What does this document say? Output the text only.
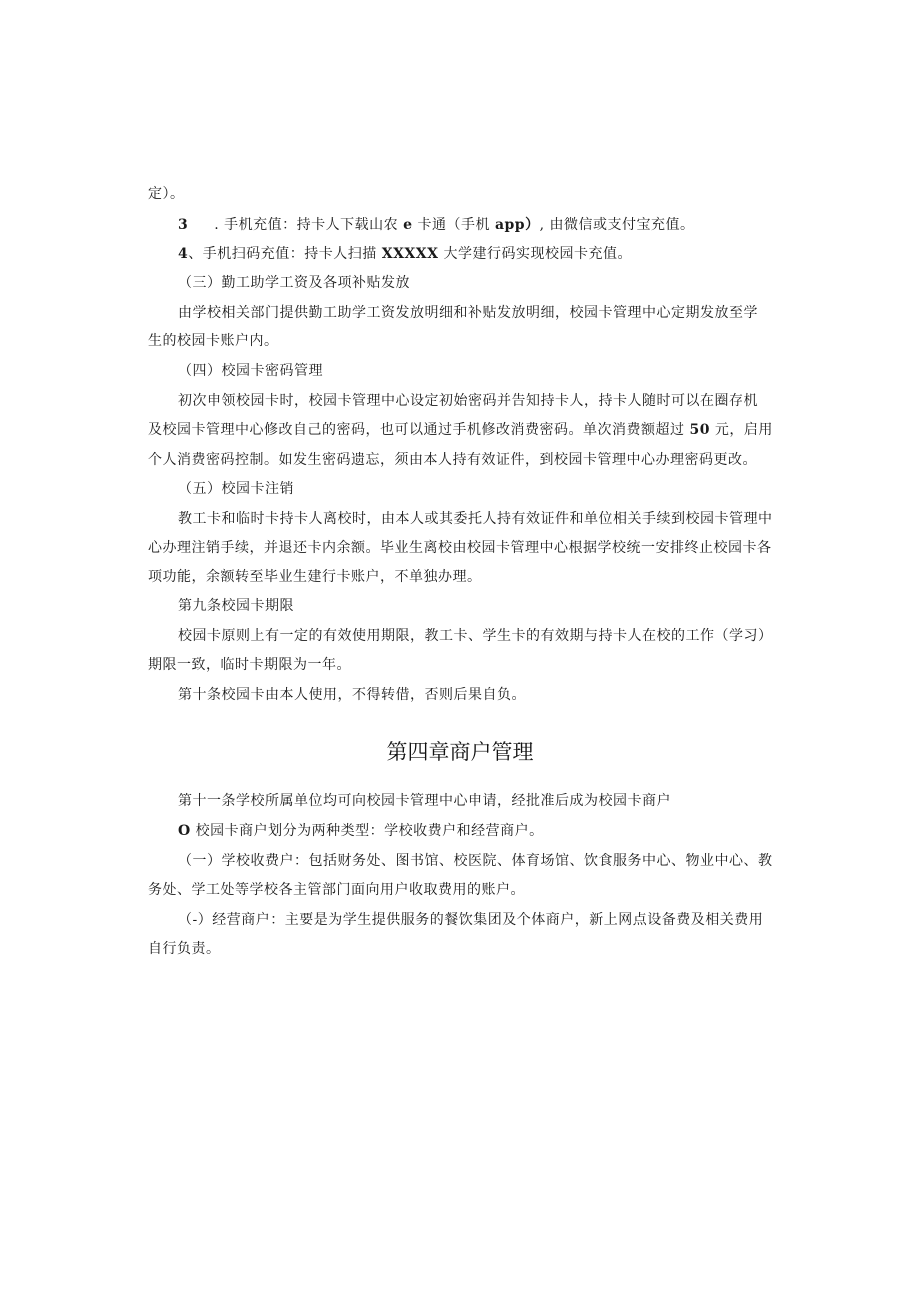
定）。
3 . 手机充值：持卡人下载山农 e 卡通（手机 app）, 由微信或支付宝充值。
4、手机扫码充值：持卡人扫描 XXXXX 大学建行码实现校园卡充值。
（三）勤工助学工资及各项补贴发放
由学校相关部门提供勤工助学工资发放明细和补贴发放明细，校园卡管理中心定期发放至学
生的校园卡账户内。
（四）校园卡密码管理
初次申领校园卡时，校园卡管理中心设定初始密码并告知持卡人，持卡人随时可以在圈存机
及校园卡管理中心修改自己的密码，也可以通过手机修改消费密码。单次消费额超过 50 元，启用
个人消费密码控制。如发生密码遗忘，须由本人持有效证件，到校园卡管理中心办理密码更改。
（五）校园卡注销
教工卡和临时卡持卡人离校时，由本人或其委托人持有效证件和单位相关手续到校园卡管理中
心办理注销手续，并退还卡内余额。毕业生离校由校园卡管理中心根据学校统一安排终止校园卡各
项功能，余额转至毕业生建行卡账户，不单独办理。
第九条校园卡期限
校园卡原则上有一定的有效使用期限，教工卡、学生卡的有效期与持卡人在校的工作（学习）
期限一致，临时卡期限为一年。
第十条校园卡由本人使用，不得转借，否则后果自负。
第四章商户管理
第十一条学校所属单位均可向校园卡管理中心申请，经批准后成为校园卡商户
O 校园卡商户划分为两种类型：学校收费户和经营商户。
（一）学校收费户：包括财务处、图书馆、校医院、体育场馆、饮食服务中心、物业中心、教
务处、学工处等学校各主管部门面向用户收取费用的账户。
（-）经营商户：主要是为学生提供服务的餐饮集团及个体商户，新上网点设备费及相关费用
自行负责。
